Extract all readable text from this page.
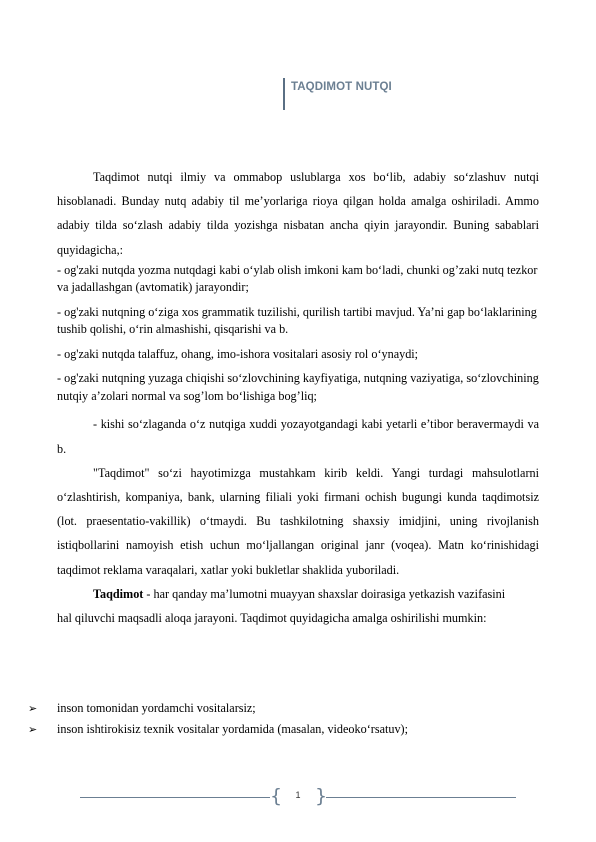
TAQDIMOT NUTQI

Taqdimot nutqi ilmiy va ommabop uslublarga xos bo‘lib, adabiy so‘zlashuv nutqi hisoblanadi. Bunday nutq adabiy til me’yorlariga rioya qilgan holda amalga oshiriladi. Ammo adabiy tilda so‘zlash adabiy tilda yozishga nisbatan ancha qiyin jarayondir. Buning sabablari quyidagicha,:

- og'zaki nutqda yozma nutqdagi kabi o‘ylab olish imkoni kam bo‘ladi, chunki og’zaki nutq tezkor va jadallashgan (avtomatik) jarayondir;

- og'zaki nutqning o‘ziga xos grammatik tuzilishi, qurilish tartibi mavjud. Ya’ni gap bo‘laklarining tushib qolishi, o‘rin almashishi, qisqarishi va b.

- og'zaki nutqda talaffuz, ohang, imo-ishora vositalari asosiy rol o‘ynaydi;

- og'zaki nutqning yuzaga chiqishi so‘zlovchining kayfiyatiga, nutqning vaziyatiga, so‘zlovchining nutqiy a’zolari normal va sog’lom bo‘lishiga bog’liq;

- kishi so‘zlaganda o‘z nutqiga xuddi yozayotgandagi kabi yetarli e’tibor beravermaydi va b.

"Taqdimot" so‘zi hayotimizga mustahkam kirib keldi. Yangi turdagi mahsulotlarni o‘zlashtirish, kompaniya, bank, ularning filiali yoki firmani ochish bugungi kunda taqdimotsiz (lot. praesentatio-vakillik) o‘tmaydi. Bu tashkilotning shaxsiy imidjini, uning rivojlanish istiqbollarini namoyish etish uchun mo‘ljallangan original janr (voqea). Matn ko‘rinishidagi taqdimot reklama varaqalari, xatlar yoki bukletlar shaklida yuboriladi.

Taqdimot - har qanday ma’lumotni muayyan shaxslar doirasiga yetkazish vazifasini hal qiluvchi maqsadli aloqa jarayoni. Taqdimot quyidagicha amalga oshirilishi mumkin:

➢	inson tomonidan yordamchi vositalarsiz;
➢	inson ishtirokisiz texnik vositalar yordamida (masalan, videoko‘rsatuv);
{	1 }
